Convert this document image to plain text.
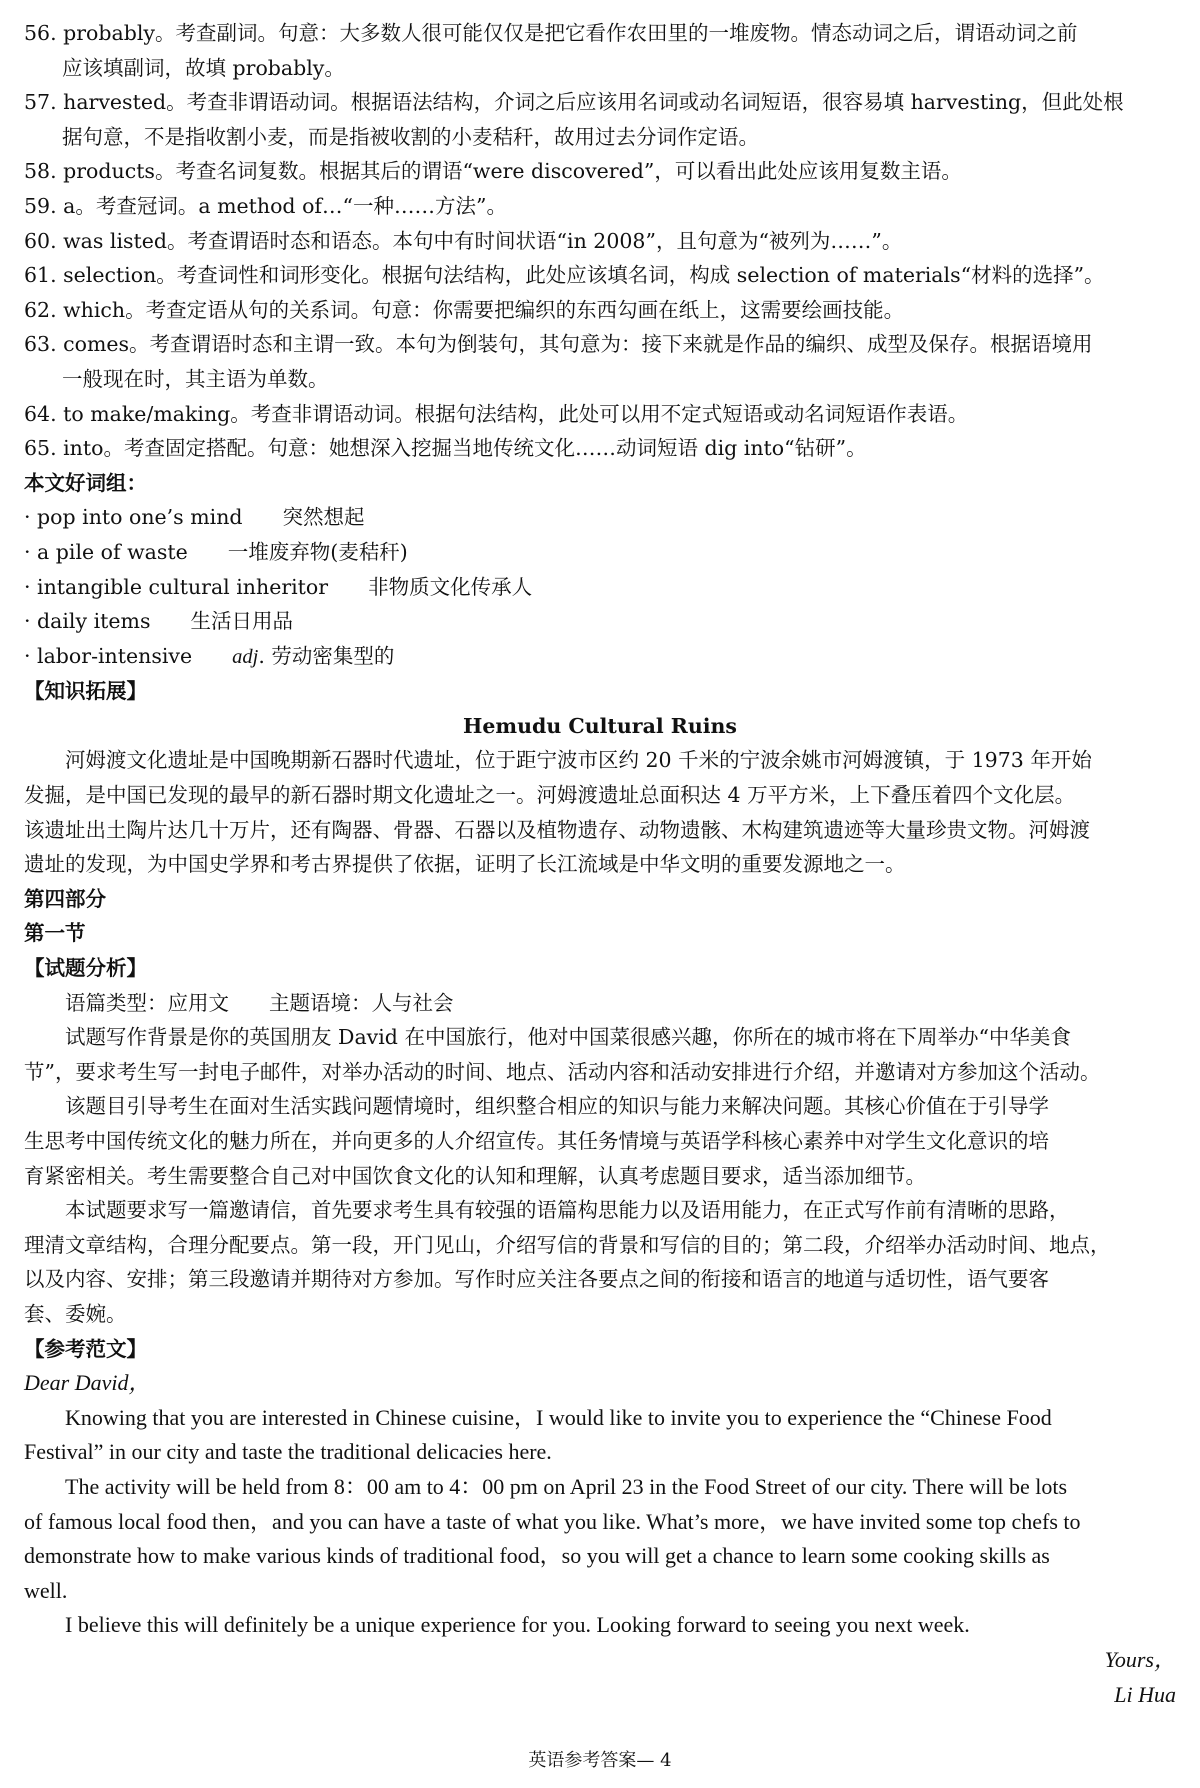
56. probably。考查副词。句意：大多数人很可能仅仅是把它看作农田里的一堆废物。情态动词之后，谓语动词之前

应该填副词，故填 probably。

57. harvested。考查非谓语动词。根据语法结构，介词之后应该用名词或动名词短语，很容易填 harvesting，但此处根

据句意，不是指收割小麦，而是指被收割的小麦秸秆，故用过去分词作定语。

58. products。考查名词复数。根据其后的谓语“were discovered”，可以看出此处应该用复数主语。

59. a。考查冠词。a method of…“一种……方法”。

60. was listed。考查谓语时态和语态。本句中有时间状语“in 2008”，且句意为“被列为……”。

61. selection。考查词性和词形变化。根据句法结构，此处应该填名词，构成 selection of materials“材料的选择”。

62. which。考查定语从句的关系词。句意：你需要把编织的东西勾画在纸上，这需要绘画技能。

63. comes。考查谓语时态和主谓一致。本句为倒装句，其句意为：接下来就是作品的编织、成型及保存。根据语境用

一般现在时，其主语为单数。

64. to make/making。考查非谓语动词。根据句法结构，此处可以用不定式短语或动名词短语作表语。

65. into。考查固定搭配。句意：她想深入挖掘当地传统文化……动词短语 dig into“钻研”。

本文好词组：

· pop into one’s mind 突然想起

· a pile of waste 一堆废弃物(麦秸秆)

· intangible cultural inheritor 非物质文化传承人

· daily items 生活日用品

· labor-intensive adj. 劳动密集型的

【知识拓展】

Hemudu Cultural Ruins

河姆渡文化遗址是中国晚期新石器时代遗址，位于距宁波市区约 20 千米的宁波余姚市河姆渡镇，于 1973 年开始

发掘，是中国已发现的最早的新石器时期文化遗址之一。河姆渡遗址总面积达 4 万平方米，上下叠压着四个文化层。

该遗址出土陶片达几十万片，还有陶器、骨器、石器以及植物遗存、动物遗骸、木构建筑遗迹等大量珍贵文物。河姆渡

遗址的发现，为中国史学界和考古界提供了依据，证明了长江流域是中华文明的重要发源地之一。

第四部分

第一节

【试题分析】

语篇类型：应用文 主题语境：人与社会

试题写作背景是你的英国朋友 David 在中国旅行，他对中国菜很感兴趣，你所在的城市将在下周举办“中华美食

节”，要求考生写一封电子邮件，对举办活动的时间、地点、活动内容和活动安排进行介绍，并邀请对方参加这个活动。

该题目引导考生在面对生活实践问题情境时，组织整合相应的知识与能力来解决问题。其核心价值在于引导学

生思考中国传统文化的魅力所在，并向更多的人介绍宣传。其任务情境与英语学科核心素养中对学生文化意识的培

育紧密相关。考生需要整合自己对中国饮食文化的认知和理解，认真考虑题目要求，适当添加细节。

本试题要求写一篇邀请信，首先要求考生具有较强的语篇构思能力以及语用能力，在正式写作前有清晰的思路，

理清文章结构，合理分配要点。第一段，开门见山，介绍写信的背景和写信的目的；第二段，介绍举办活动时间、地点，

以及内容、安排；第三段邀请并期待对方参加。写作时应关注各要点之间的衔接和语言的地道与适切性，语气要客

套、委婉。

【参考范文】

Dear David，

Knowing that you are interested in Chinese cuisine，I would like to invite you to experience the “Chinese Food

Festival” in our city and taste the traditional delicacies here.

The activity will be held from 8：00 am to 4：00 pm on April 23 in the Food Street of our city. There will be lots

of famous local food then，and you can have a taste of what you like. What’s more，we have invited some top chefs to

demonstrate how to make various kinds of traditional food，so you will get a chance to learn some cooking skills as

well.

I believe this will definitely be a unique experience for you. Looking forward to seeing you next week.

Yours，

Li Hua

英语参考答案— 4
